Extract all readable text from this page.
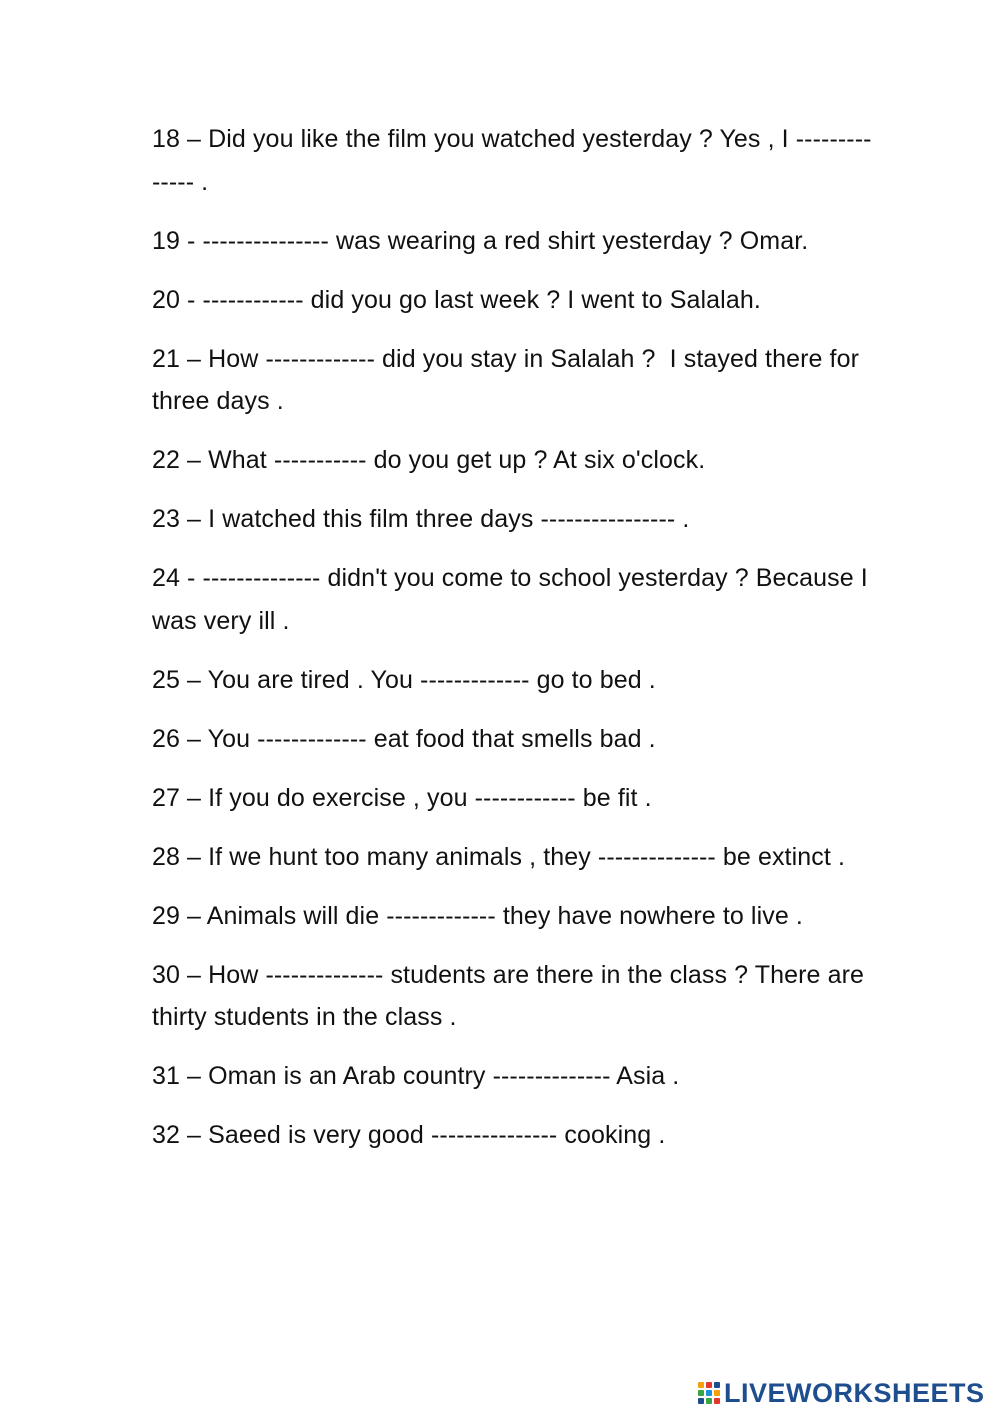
18 – Did you like the film you watched yesterday ? Yes , I -------------- .

19 - --------------- was wearing a red shirt yesterday ? Omar.

20 - ------------ did you go last week ? I went to Salalah.

21 – How ------------- did you stay in Salalah ?  I stayed there for three days .

22 – What ----------- do you get up ? At six o'clock.

23 – I watched this film three days ---------------- .

24 - -------------- didn't you come to school yesterday ? Because I was very ill .

25 – You are tired . You ------------- go to bed .

26 – You ------------- eat food that smells bad .

27 – If you do exercise , you ------------ be fit .

28 – If we hunt too many animals , they -------------- be extinct .

29 – Animals will die ------------- they have nowhere to live .

30 – How -------------- students are there in the class ? There are thirty students in the class .

31 – Oman is an Arab country -------------- Asia .

32 – Saeed is very good --------------- cooking .

LIVEWORKSHEETS
